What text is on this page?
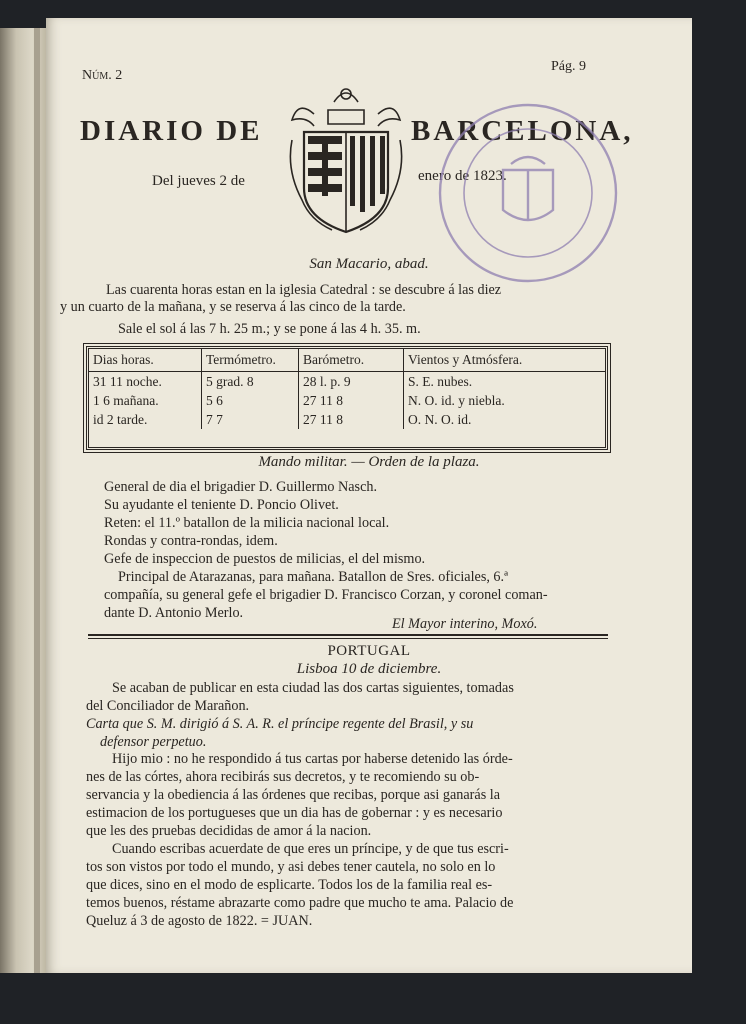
Núm. 2
Pág. 9
DIARIO DE	BARCELONA,
Del jueves 2 de	enero de 1823.
San Macario, abad.
Las cuarenta horas estan en la iglesia Catedral : se descubre á las diez
y un cuarto de la mañana, y se reserva á las cinco de la tarde.
Sale el sol á las 7 h. 25 m.; y se pone á las 4 h. 35. m.
Dias horas.	Termómetro.	Barómetro.	Vientos y Atmósfera.
31 11 noche.	5 grad. 8	28 l. p. 9	S. E. nubes.
1 6 mañana.	5 6	27 11 8	N. O. id. y niebla.
id 2 tarde.	7 7	27 11 8	O. N. O. id.
Mando militar. — Orden de la plaza.
General de dia el brigadier D. Guillermo Nasch.
Su ayudante el teniente D. Poncio Olivet.
Reten: el 11.º batallon de la milicia nacional local.
Rondas y contra-rondas, idem.
Gefe de inspeccion de puestos de milicias, el del mismo.
Principal de Atarazanas, para mañana. Batallon de Sres. oficiales, 6.ª
compañía, su general gefe el brigadier D. Francisco Corzan, y coronel coman-
dante D. Antonio Merlo.
El Mayor interino, Moxó.
PORTUGAL
Lisboa 10 de diciembre.
Se acaban de publicar en esta ciudad las dos cartas siguientes, tomadas
del Conciliador de Marañon.
Carta que S. M. dirigió á S. A. R. el príncipe regente del Brasil, y su
defensor perpetuo.
Hijo mio : no he respondido á tus cartas por haberse detenido las órde-
nes de las córtes, ahora recibirás sus decretos, y te recomiendo su ob-
servancia y la obediencia á las órdenes que recibas, porque asi ganarás la
estimacion de los portugueses que un dia has de gobernar : y es necesario
que les des pruebas decididas de amor á la nacion.
Cuando escribas acuerdate de que eres un príncipe, y de que tus escri-
tos son vistos por todo el mundo, y asi debes tener cautela, no solo en lo
que dices, sino en el modo de esplicarte. Todos los de la familia real es-
temos buenos, réstame abrazarte como padre que mucho te ama. Palacio de
Queluz á 3 de agosto de 1822. = JUAN.
